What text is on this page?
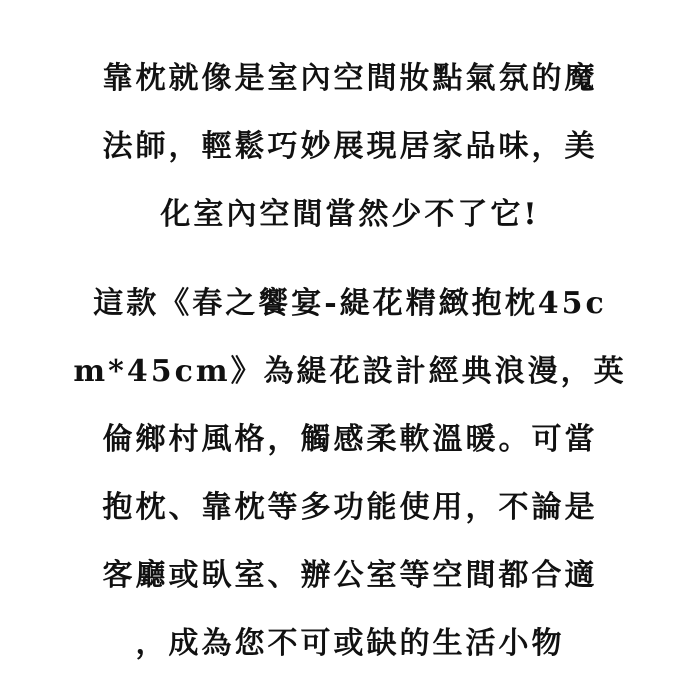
靠枕就像是室內空間妝點氣氛的魔
法師，輕鬆巧妙展現居家品味，美
化室內空間當然少不了它!
這款《春之饗宴-緹花精緻抱枕45c
m*45cm》為緹花設計經典浪漫，英
倫鄉村風格，觸感柔軟溫暖。可當
抱枕、靠枕等多功能使用，不論是
客廳或臥室、辦公室等空間都合適
，成為您不可或缺的生活小物
